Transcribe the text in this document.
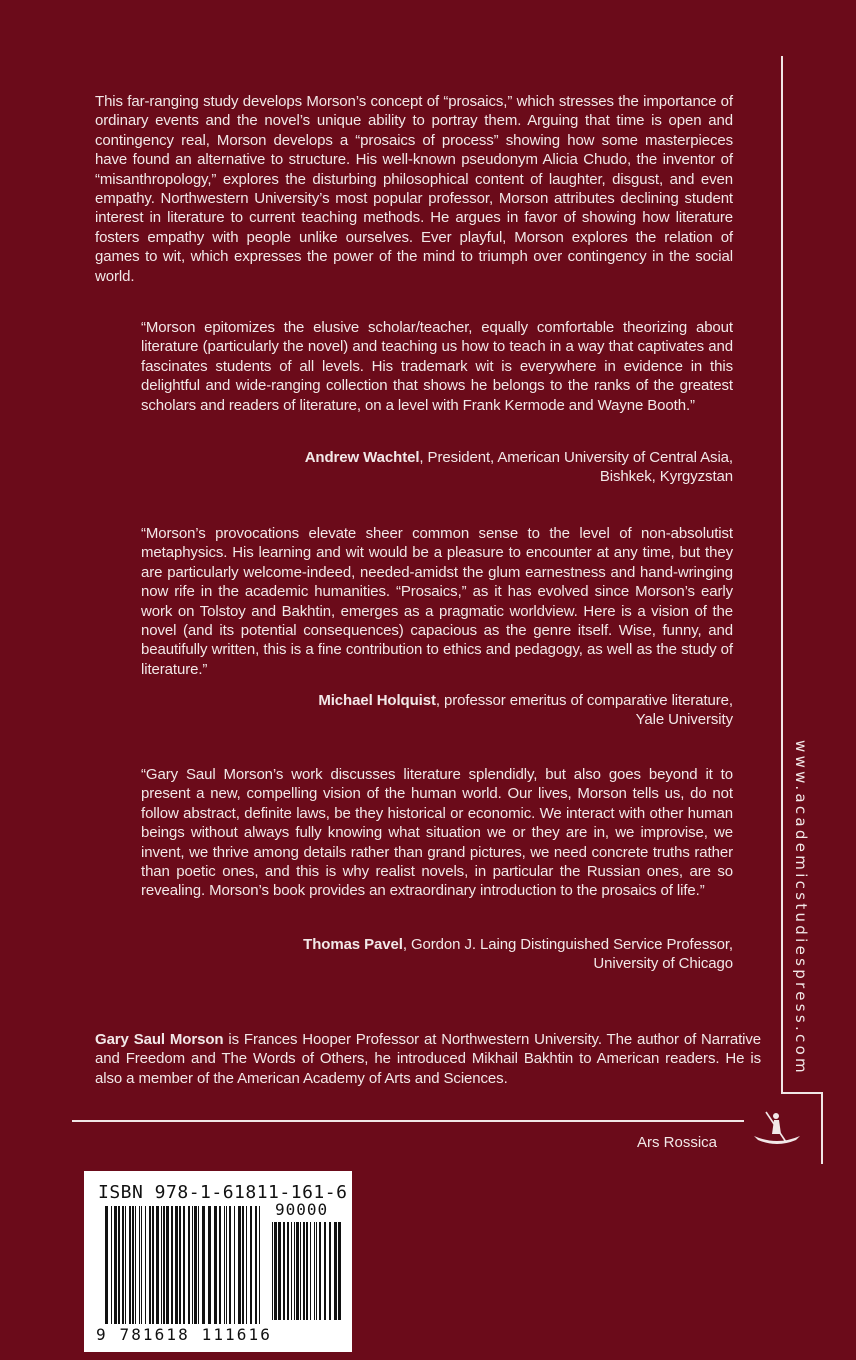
This far-ranging study develops Morson’s concept of “prosaics,” which stresses the importance of ordinary events and the novel’s unique ability to portray them. Arguing that time is open and contingency real, Morson develops a “prosaics of process” showing how some masterpieces have found an alternative to structure. His well-known pseudonym Alicia Chudo, the inventor of “misanthropology,” explores the disturbing philosophical content of laughter, disgust, and even empathy. Northwestern University’s most popular professor, Morson attributes declining student interest in literature to current teaching methods. He argues in favor of showing how literature fosters empathy with people unlike ourselves. Ever playful, Morson explores the relation of games to wit, which expresses the power of the mind to triumph over contingency in the social world.

“Morson epitomizes the elusive scholar/teacher, equally comfortable theorizing about literature (particularly the novel) and teaching us how to teach in a way that captivates and fascinates students of all levels. His trademark wit is everywhere in evidence in this delightful and wide-ranging collection that shows he belongs to the ranks of the greatest scholars and readers of literature, on a level with Frank Kermode and Wayne Booth.”

Andrew Wachtel, President, American University of Central Asia,
Bishkek, Kyrgyzstan

“Morson’s provocations elevate sheer common sense to the level of non-absolutist metaphysics. His learning and wit would be a pleasure to encounter at any time, but they are particularly welcome-indeed, needed-amidst the glum earnestness and hand-wringing now rife in the academic humanities. “Prosaics,” as it has evolved since Morson’s early work on Tolstoy and Bakhtin, emerges as a pragmatic worldview. Here is a vision of the novel (and its potential consequences) capacious as the genre itself. Wise, funny, and beautifully written, this is a fine contribution to ethics and pedagogy, as well as the study of literature.”

Michael Holquist, professor emeritus of comparative literature,
Yale University

“Gary Saul Morson’s work discusses literature splendidly, but also goes beyond it to present a new, compelling vision of the human world. Our lives, Morson tells us, do not follow abstract, definite laws, be they historical or economic. We interact with other human beings without always fully knowing what situation we or they are in, we improvise, we invent, we thrive among details rather than grand pictures, we need concrete truths rather than poetic ones, and this is why realist novels, in particular the Russian ones, are so revealing. Morson’s book provides an extraordinary introduction to the prosaics of life.”

Thomas Pavel, Gordon J. Laing Distinguished Service Professor,
University of Chicago

Gary Saul Morson is Frances Hooper Professor at Northwestern University. The author of Narrative and Freedom and The Words of Others, he introduced Mikhail Bakhtin to American readers. He is also a member of the American Academy of Arts and Sciences.

www.academicstudiespress.com
Ars Rossica
ISBN 978-1-61811-161-6
90000
9 781618 111616
